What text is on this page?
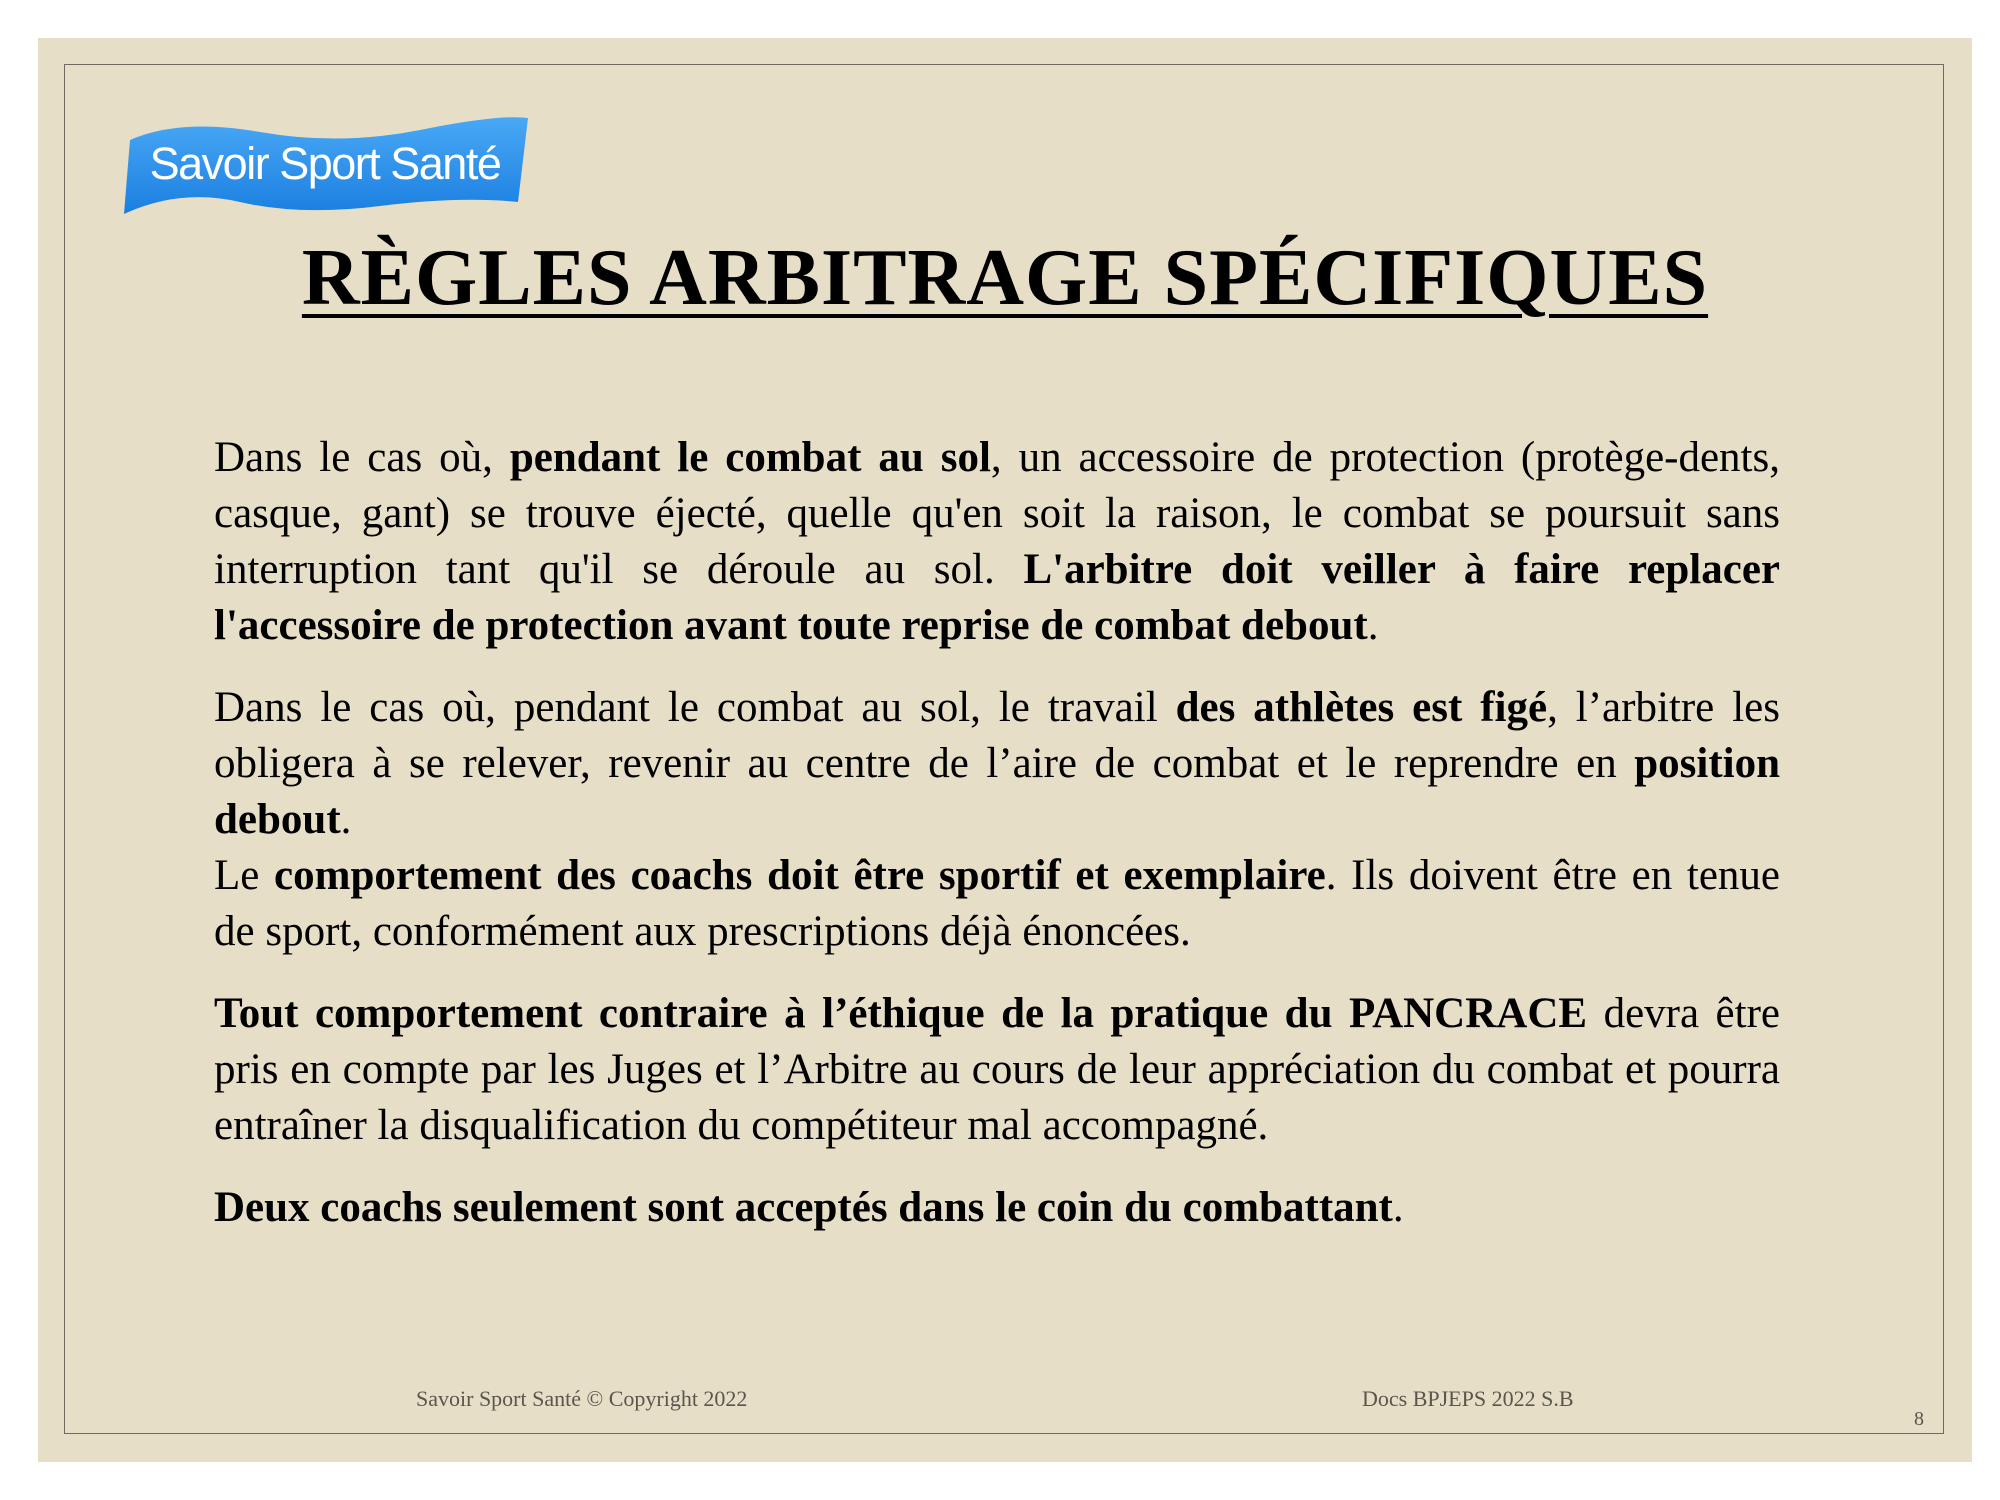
Savoir Sport Santé
RÈGLES ARBITRAGE SPÉCIFIQUES

Dans le cas où, pendant le combat au sol, un accessoire de protection (protège-dents, casque, gant) se trouve éjecté, quelle qu'en soit la raison, le combat se poursuit sans interruption tant qu'il se déroule au sol. L'arbitre doit veiller à faire replacer l'accessoire de protection avant toute reprise de combat debout.

Dans le cas où, pendant le combat au sol, le travail des athlètes est figé, l’arbitre les obligera à se relever, revenir au centre de l’aire de combat et le reprendre en position debout.

Le comportement des coachs doit être sportif et exemplaire. Ils doivent être en tenue de sport, conformément aux prescriptions déjà énoncées.

Tout comportement contraire à l’éthique de la pratique du PANCRACE devra être pris en compte par les Juges et l’Arbitre au cours de leur appréciation du combat et pourra entraîner la disqualification du compétiteur mal accompagné.

Deux coachs seulement sont acceptés dans le coin du combattant.

Savoir Sport Santé © Copyright 2022	Docs BPJEPS 2022 S.B
8
